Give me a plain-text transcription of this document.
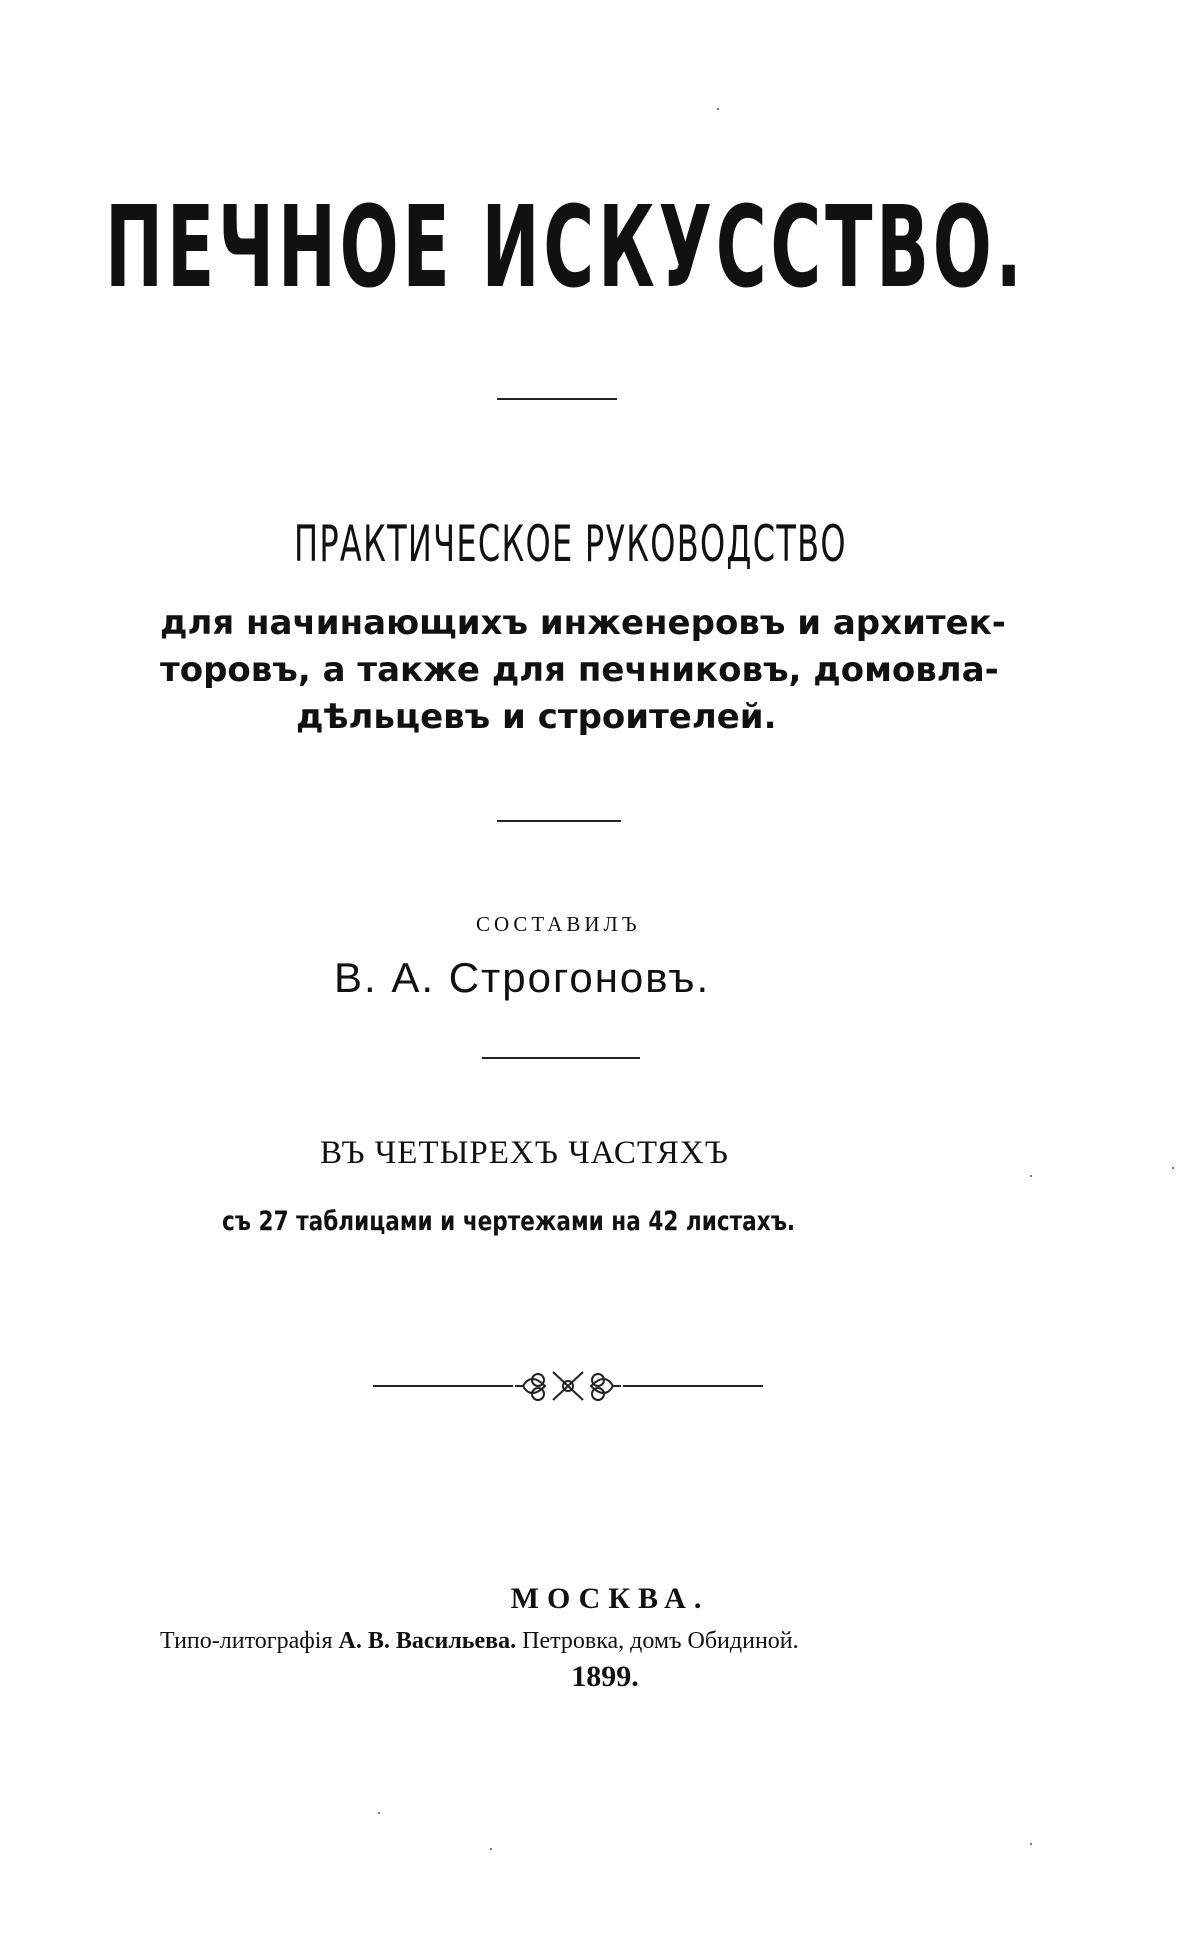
ПЕЧНОЕ ИСКУССТВО.
ПРАКТИЧЕСКОЕ РУКОВОДСТВО
для начинающихъ инженеровъ и архитек-
торовъ, а также для печниковъ, домовла-
дѣльцевъ и строителей.
СОСТАВИЛЪ
В. А. Строгоновъ.
ВЪ ЧЕТЫРЕХЪ ЧАСТЯХЪ
съ 27 таблицами и чертежами на 42 листахъ.
МОСКВА.
Типо-литографія А. В. Васильева. Петровка, домъ Обидиной.
1899.
